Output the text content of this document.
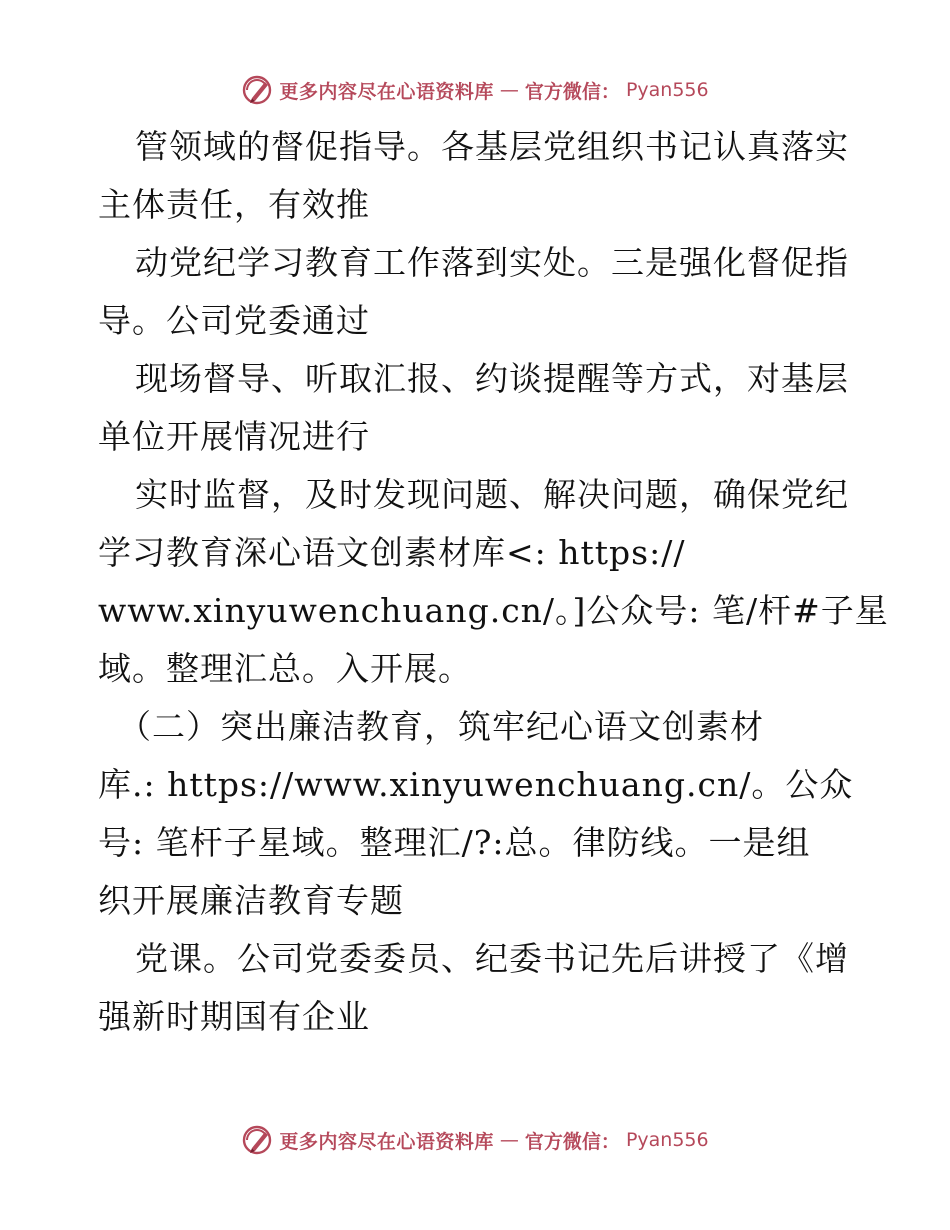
更多内容尽在心语资料库 — 官方微信： Pyan556
管领域的督促指导。各基层党组织书记认真落实
主体责任，有效推
动党纪学习教育工作落到实处。三是强化督促指
导。公司党委通过
现场督导、听取汇报、约谈提醒等方式，对基层
单位开展情况进行
实时监督，及时发现问题、解决问题，确保党纪
学习教育深心语文创素材库<: https://
www.xinyuwenchuang.cn/。]公众号: 笔/杆#子星
域。整理汇总。入开展。
（二）突出廉洁教育，筑牢纪心语文创素材
库.: https://www.xinyuwenchuang.cn/。公众
号: 笔杆子星域。整理汇/?:总。律防线。一是组
织开展廉洁教育专题
党课。公司党委委员、纪委书记先后讲授了《增
强新时期国有企业
更多内容尽在心语资料库 — 官方微信： Pyan556
